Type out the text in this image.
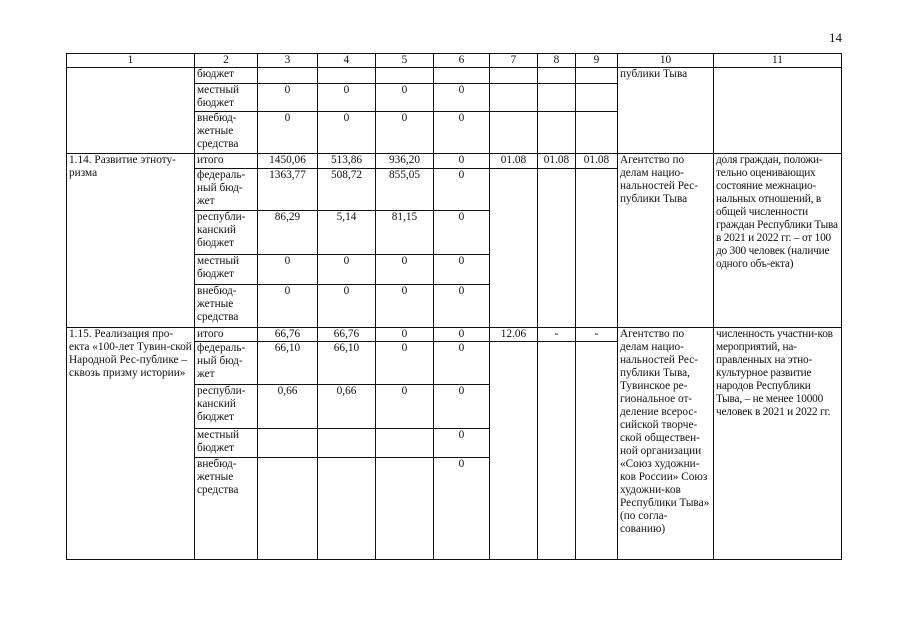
14
1	2	3	4	5	6	7	8	9	10	11
	бюджет								публики Тыва	
	местный бюджет	0	0	0	0					
	внебюд-жетные средства	0	0	0	0					
1.14. Развитие этноту-ризма	итого	1450,06	513,86	936,20	0	01.08	01.08	01.08	Агентство по делам нацио-нальностей Рес-публики Тыва	доля граждан, положи-тельно оценивающих состояние межнацио-нальных отношений, в общей численности граждан Республики Тыва в 2021 и 2022 гг. – от 100 до 300 человек (наличие одного объ-екта)
	федераль-ный бюд-жет	1363,77	508,72	855,05	0					
	республи-канский бюджет	86,29	5,14	81,15	0					
	местный бюджет	0	0	0	0					
	внебюд-жетные средства	0	0	0	0					
1.15. Реализация про-екта «100-лет Тувин-ской Народной Рес-публике – сквозь призму истории»	итого	66,76	66,76	0	0	12.06	-	-	Агентство по делам нацио-нальностей Рес-публики Тыва, Тувинское ре-гиональное от-деление всерос-сийской творче-ской обществен-ной организации «Союз художни-ков России» Союз художни-ков Республики Тыва» (по согла-сованию)	численность участни-ков мероприятий, на-правленных на этно-культурное развитие народов Республики Тыва, – не менее 10000 человек в 2021 и 2022 гг.
	федераль-ный бюд-жет	66,10	66,10	0	0					
	республи-канский бюджет	0,66	0,66	0	0					
	местный бюджет				0					
	внебюд-жетные средства				0					
